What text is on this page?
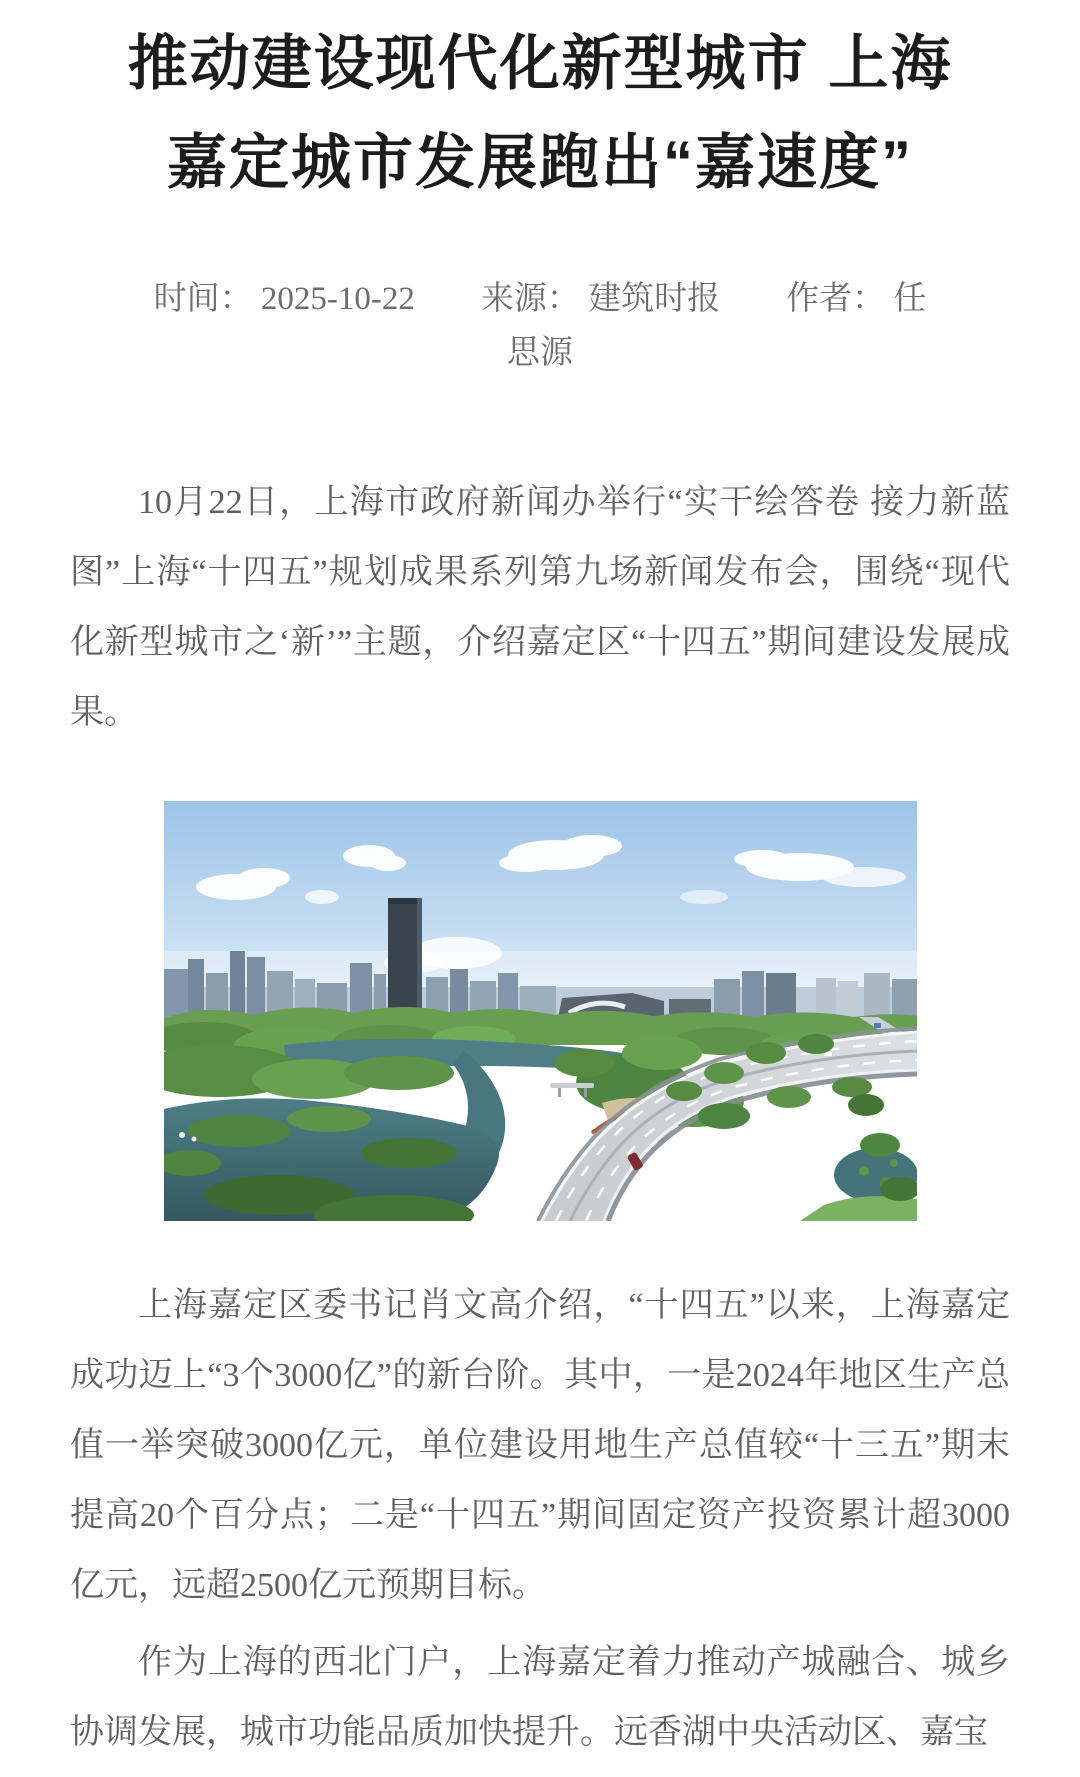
推动建设现代化新型城市 上海
嘉定城市发展跑出“嘉速度”
时间： 2025-10-22　　来源： 建筑时报　　作者： 任
思源

10月22日，上海市政府新闻办举行“实干绘答卷 接力新蓝图”上海“十四五”规划成果系列第九场新闻发布会，围绕“现代化新型城市之‘新’”主题，介绍嘉定区“十四五”期间建设发展成果。

上海嘉定区委书记肖文高介绍，“十四五”以来，上海嘉定成功迈上“3个3000亿”的新台阶。其中，一是2024年地区生产总值一举突破3000亿元，单位建设用地生产总值较“十三五”期末提高20个百分点；二是“十四五”期间固定资产投资累计超3000亿元，远超2500亿元预期目标。

作为上海的西北门户，上海嘉定着力推动产城融合、城乡协调发展，城市功能品质加快提升。远香湖中央活动区、嘉宝
